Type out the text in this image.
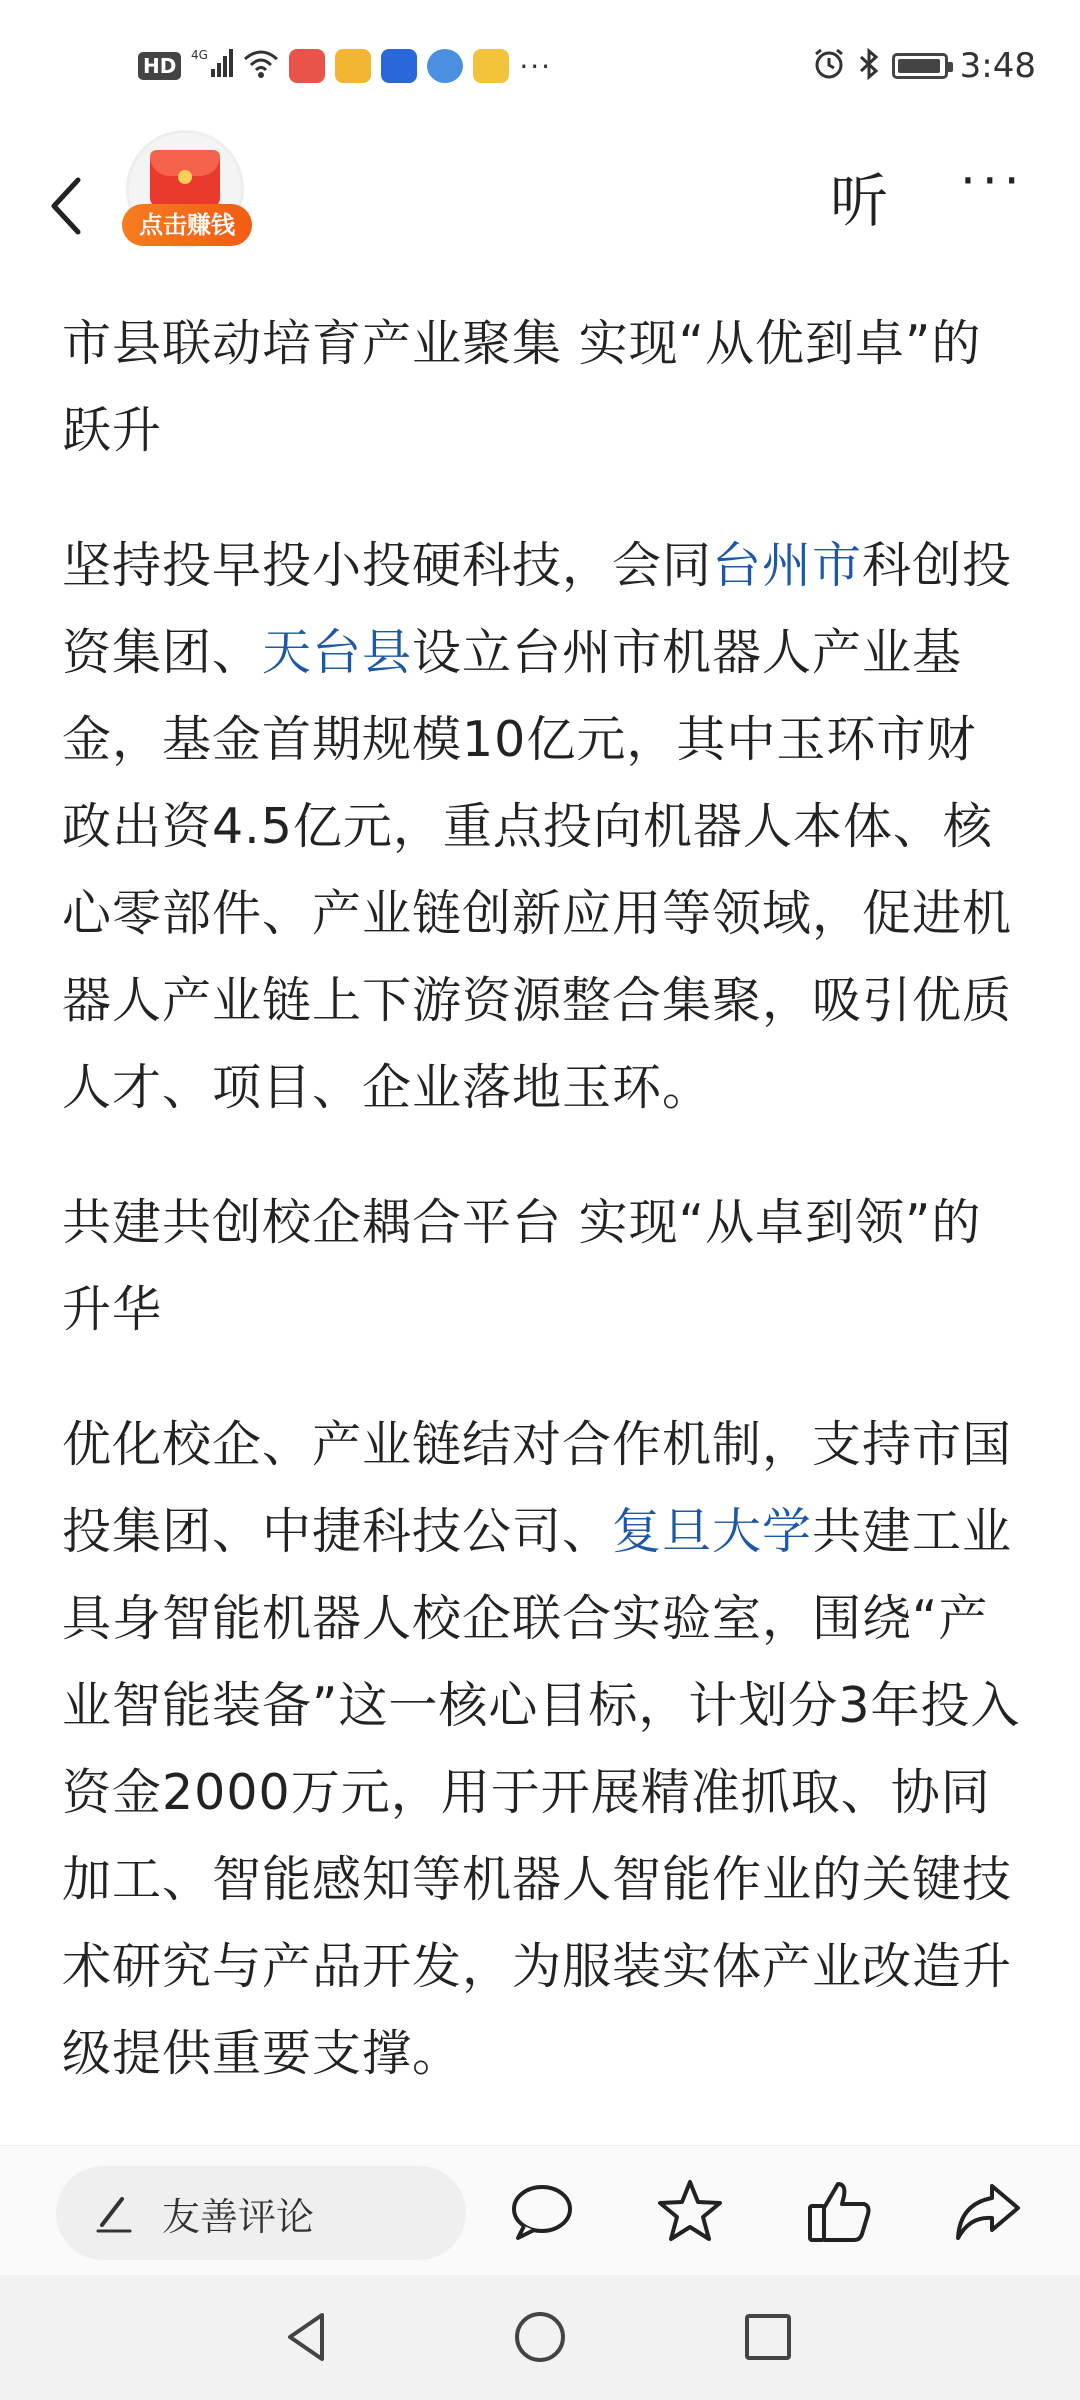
HD	4G	···	3:48
点击赚钱	听 ···

市县联动培育产业聚集 实现“从优到卓”的跃升

坚持投早投小投硬科技，会同台州市科创投资集团、天台县设立台州市机器人产业基金，基金首期规模10亿元，其中玉环市财政出资4.5亿元，重点投向机器人本体、核心零部件、产业链创新应用等领域，促进机器人产业链上下游资源整合集聚，吸引优质人才、项目、企业落地玉环。

共建共创校企耦合平台 实现“从卓到领”的升华

优化校企、产业链结对合作机制，支持市国投集团、中捷科技公司、复旦大学共建工业具身智能机器人校企联合实验室，围绕“产业智能装备”这一核心目标，计划分3年投入资金2000万元，用于开展精准抓取、协同加工、智能感知等机器人智能作业的关键技术研究与产品开发，为服装实体产业改造升级提供重要支撑。

友善评论
